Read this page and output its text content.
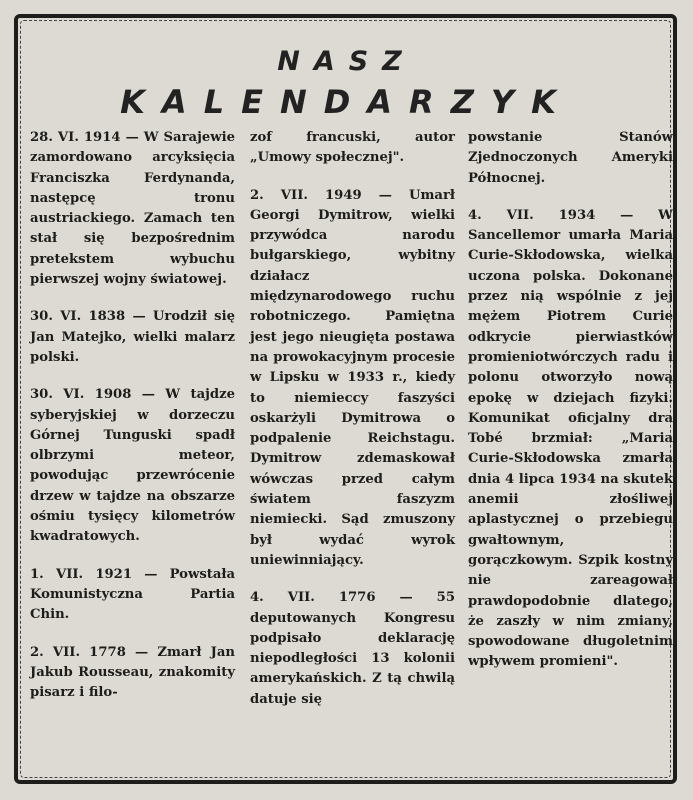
NASZ
KALENDARZYK

28. VI. 1914 — W Sarajewie zamordowano arcyksięcia Franciszka Ferdynanda, następcę tronu austriackiego. Zamach ten stał się bezpośrednim pretekstem wybuchu pierwszej wojny światowej.

30. VI. 1838 — Urodził się Jan Matejko, wielki malarz polski.

30. VI. 1908 — W tajdze syberyjskiej w dorzeczu Górnej Tunguski spadł olbrzymi meteor, powodując przewrócenie drzew w tajdze na obszarze ośmiu tysięcy kilometrów kwadratowych.

1. VII. 1921 — Powstała Komunistyczna Partia Chin.

2. VII. 1778 — Zmarł Jan Jakub Rousseau, znakomity pisarz i filo-

zof francuski, autor „Umowy społecznej".

2. VII. 1949 — Umarł Georgi Dymitrow, wielki przywódca narodu bułgarskiego, wybitny działacz międzynarodowego ruchu robotniczego. Pamiętna jest jego nieugięta postawa na prowokacyjnym procesie w Lipsku w 1933 r., kiedy to niemieccy faszyści oskarżyli Dymitrowa o podpalenie Reichstagu. Dymitrow zdemaskował wówczas przed całym światem faszyzm niemiecki. Sąd zmuszony był wydać wyrok uniewinniający.

4. VII. 1776 — 55 deputowanych Kongresu podpisało deklarację niepodległości 13 kolonii amerykańskich. Z tą chwilą datuje się

powstanie Stanów Zjednoczonych Ameryki Północnej.

4. VII. 1934 — W Sancellemor umarła Maria Curie-Skłodowska, wielka uczona polska. Dokonane przez nią wspólnie z jej mężem Piotrem Curie odkrycie pierwiastków promieniotwórczych radu i polonu otworzyło nową epokę w dziejach fizyki. Komunikat oficjalny dra Tobé brzmiał: „Maria Curie-Skłodowska zmarła dnia 4 lipca 1934 na skutek anemii złośliwej aplastycznej o przebiegu gwałtownym, gorączkowym. Szpik kostny nie zareagował prawdopodobnie dlatego, że zaszły w nim zmiany, spowodowane długoletnim wpływem promieni".
